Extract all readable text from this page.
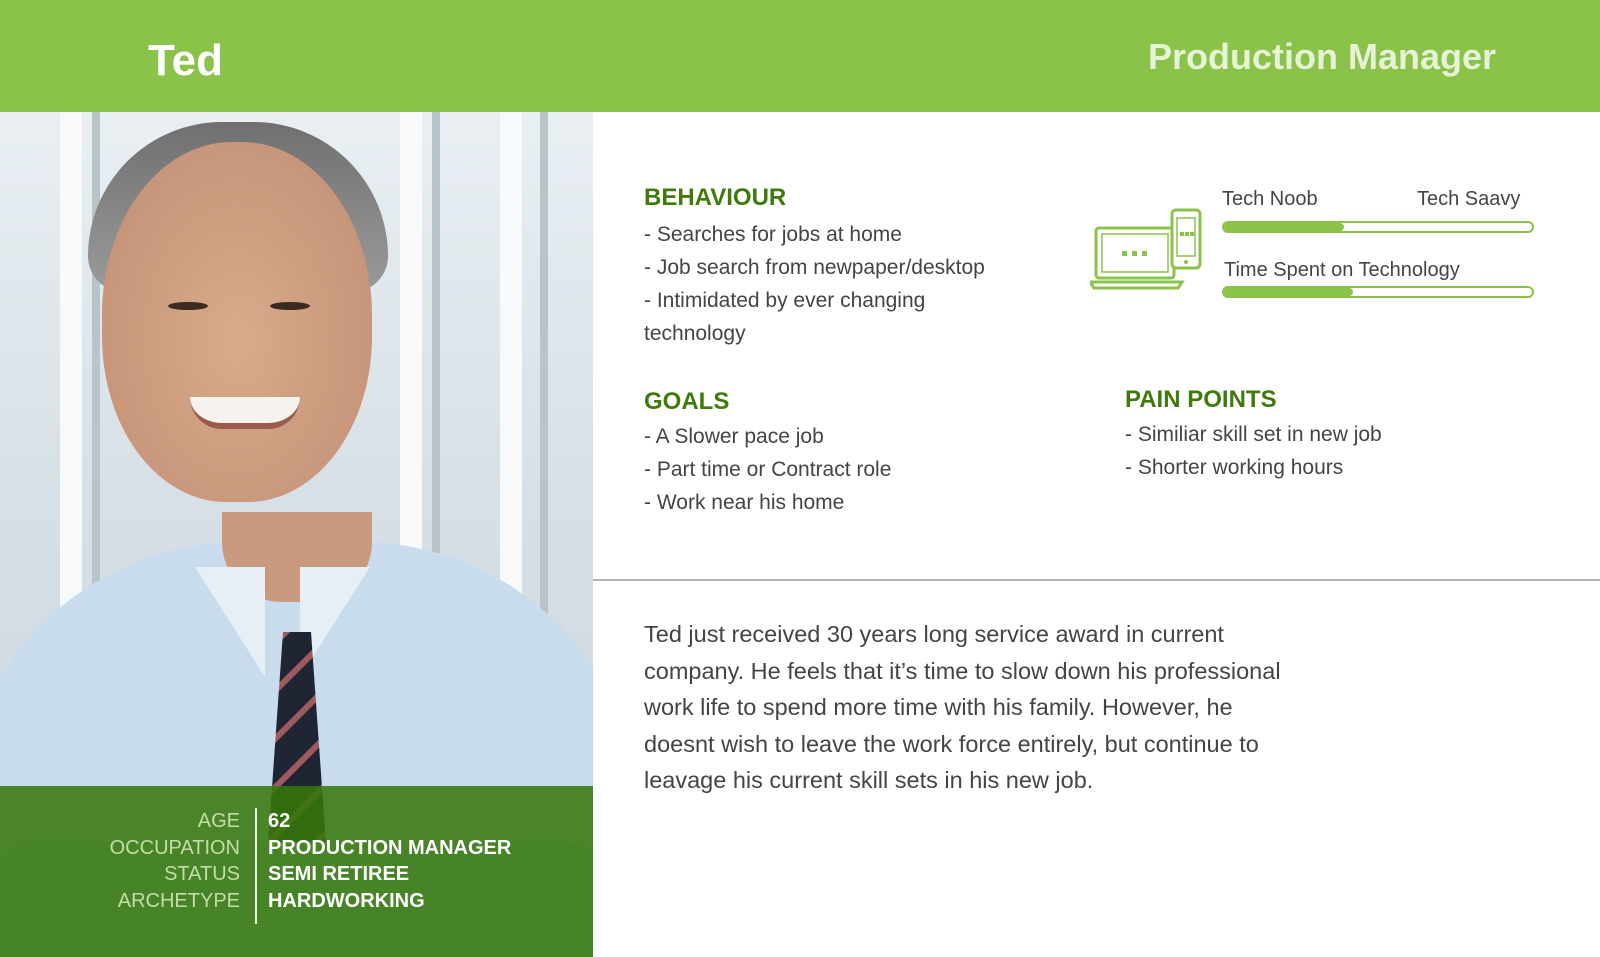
Ted	Production Manager
AGE
OCCUPATION
STATUS
ARCHETYPE
62
PRODUCTION MANAGER
SEMI RETIREE
HARDWORKING
BEHAVIOUR
- Searches for jobs at home
- Job search from newpaper/desktop
- Intimidated by ever changing
technology
Tech Noob	Tech Saavy
Time Spent on Technology
GOALS
- A Slower pace job
- Part time or Contract role
- Work near his home
PAIN POINTS
- Similiar skill set in new job
- Shorter working hours
Ted just received 30 years long service award in current company. He feels that it’s time to slow down his professional work life to spend more time with his family. However, he doesnt wish to leave the work force entirely, but continue to leavage his current skill sets in his new job.
